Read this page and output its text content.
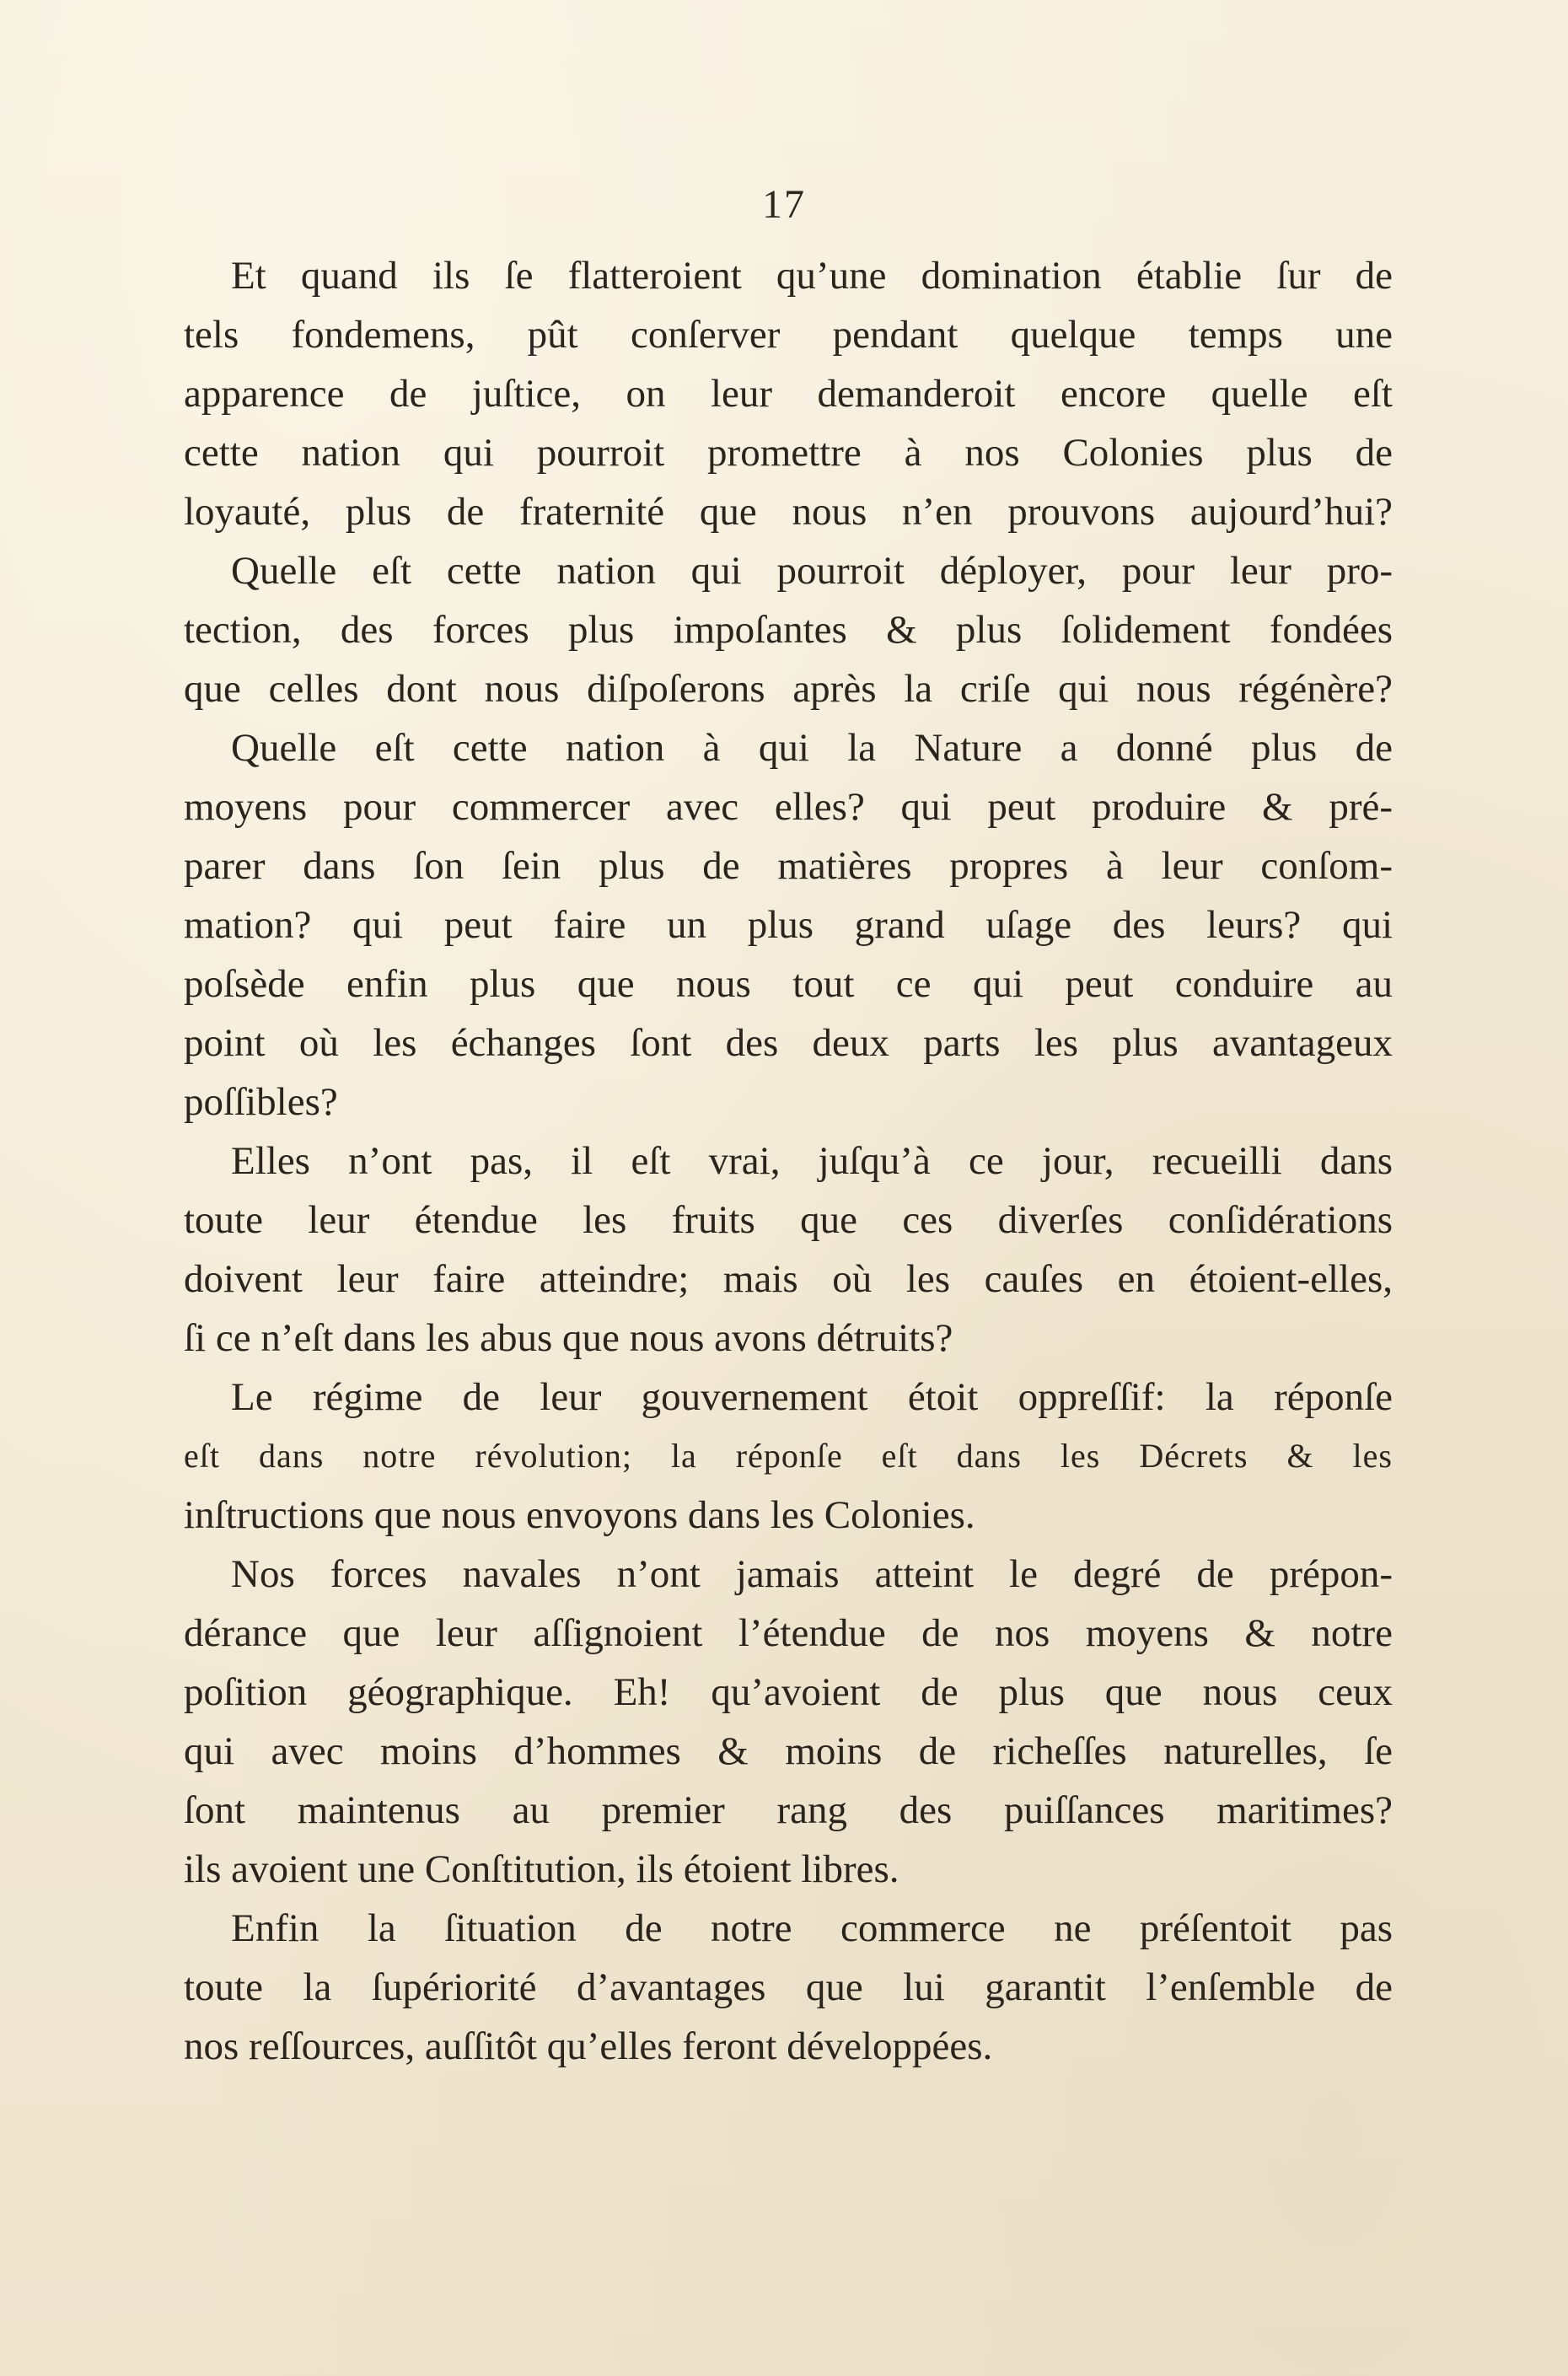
17
Et quand ils ſe flatteroient qu’une domination établie ſur de
tels fondemens, pût conſerver pendant quelque temps une
apparence de juſtice, on leur demanderoit encore quelle eſt
cette nation qui pourroit promettre à nos Colonies plus de
loyauté, plus de fraternité que nous n’en prouvons aujourd’hui?
Quelle eſt cette nation qui pourroit déployer, pour leur pro-
tection, des forces plus impoſantes & plus ſolidement fondées
que celles dont nous diſpoſerons après la criſe qui nous régénère?
Quelle eſt cette nation à qui la Nature a donné plus de
moyens pour commercer avec elles? qui peut produire & pré-
parer dans ſon ſein plus de matières propres à leur conſom-
mation? qui peut faire un plus grand uſage des leurs? qui
poſsède enfin plus que nous tout ce qui peut conduire au
point où les échanges ſont des deux parts les plus avantageux
poſſibles?
Elles n’ont pas, il eſt vrai, juſqu’à ce jour, recueilli dans
toute leur étendue les fruits que ces diverſes conſidérations
doivent leur faire atteindre; mais où les cauſes en étoient-elles,
ſi ce n’eſt dans les abus que nous avons détruits?
Le régime de leur gouvernement étoit oppreſſif: la réponſe
eſt dans notre révolution; la réponſe eſt dans les Décrets & les
inſtructions que nous envoyons dans les Colonies.
Nos forces navales n’ont jamais atteint le degré de prépon-
dérance que leur aſſignoient l’étendue de nos moyens & notre
poſition géographique. Eh! qu’avoient de plus que nous ceux
qui avec moins d’hommes & moins de richeſſes naturelles, ſe
ſont maintenus au premier rang des puiſſances maritimes?
ils avoient une Conſtitution, ils étoient libres.
Enfin la ſituation de notre commerce ne préſentoit pas
toute la ſupériorité d’avantages que lui garantit l’enſemble de
nos reſſources, auſſitôt qu’elles feront développées.
